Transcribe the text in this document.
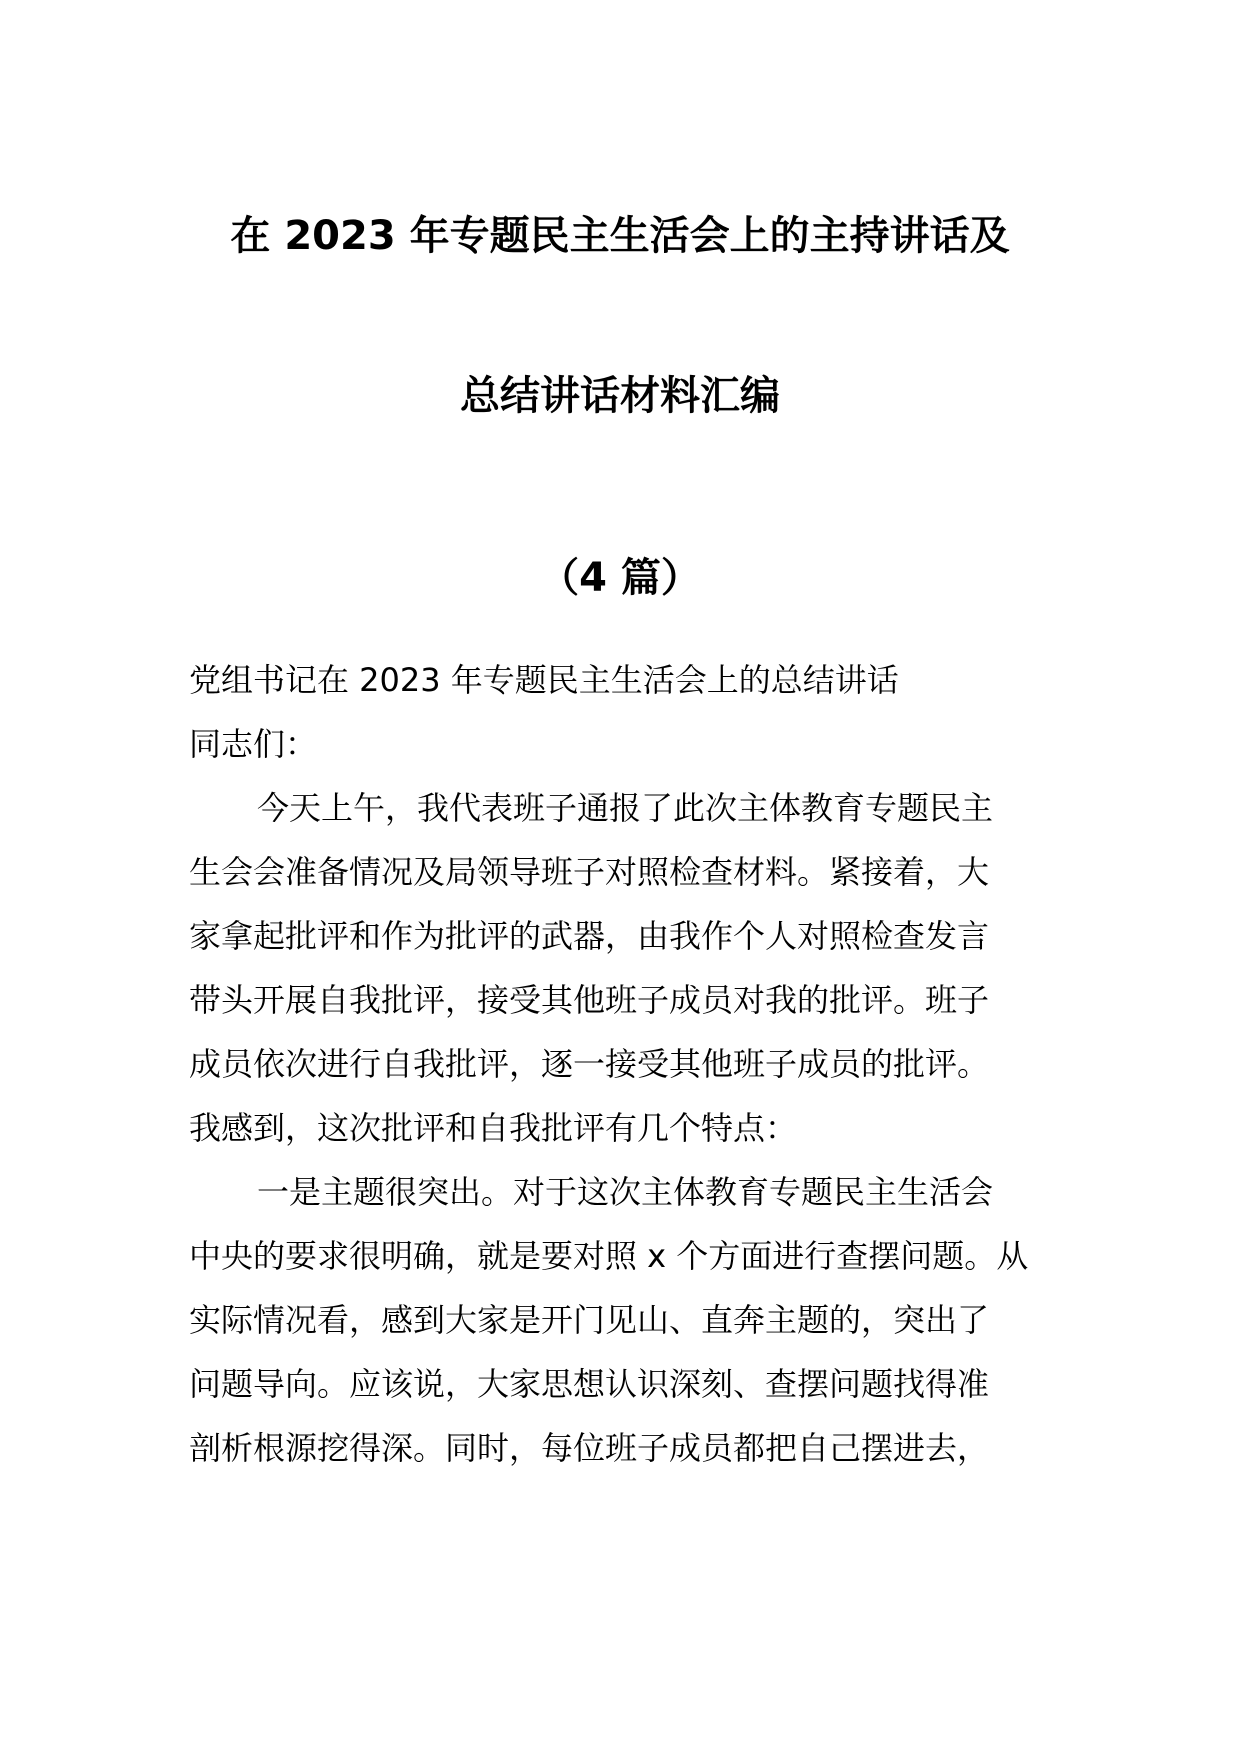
在 2023 年专题民主生活会上的主持讲话及
总结讲话材料汇编
（4 篇）
党组书记在 2023 年专题民主生活会上的总结讲话
同志们：
今天上午，我代表班子通报了此次主体教育专题民主
生会会准备情况及局领导班子对照检查材料。紧接着，大
家拿起批评和作为批评的武器，由我作个人对照检查发言
带头开展自我批评，接受其他班子成员对我的批评。班子
成员依次进行自我批评，逐一接受其他班子成员的批评。
我感到，这次批评和自我批评有几个特点：
一是主题很突出。对于这次主体教育专题民主生活会
中央的要求很明确，就是要对照 x 个方面进行查摆问题。从
实际情况看，感到大家是开门见山、直奔主题的，突出了
问题导向。应该说，大家思想认识深刻、查摆问题找得准
剖析根源挖得深。同时，每位班子成员都把自己摆进去，
